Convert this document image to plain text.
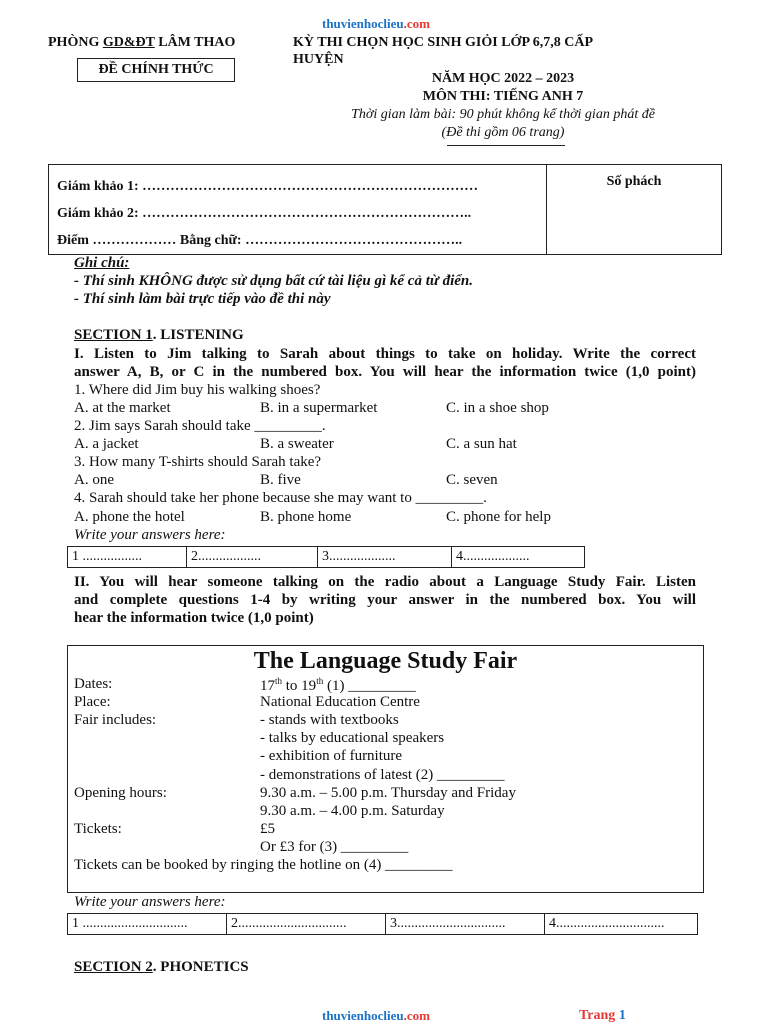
thuvienhoclieu.com
PHÒNG GD&ĐT LÂM THAO
ĐỀ CHÍNH THỨC
KỲ THI CHỌN HỌC SINH GIỎI LỚP 6,7,8 CẤP
HUYỆN
NĂM HỌC 2022 – 2023
MÔN THI: TIẾNG ANH 7
Thời gian làm bài: 90 phút không kể thời gian phát đề
(Đề thi gồm 06 trang)
Giám khảo 1: ………………………………………………………………
Giám khảo 2: ……………………………………………………………..
Điểm ……………… Bằng chữ: ………………………………………..
	Số phách
Ghi chú:
- Thí sinh KHÔNG được sử dụng bất cứ tài liệu gì kể cả từ điển.
- Thí sinh làm bài trực tiếp vào đề thi này
SECTION 1. LISTENING
I. Listen to Jim talking to Sarah about things to take on holiday. Write the correct
answer A, B, or C in the numbered box. You will hear the information twice (1,0 point)
1. Where did Jim buy his walking shoes?
A. at the market	B. in a supermarket	C. in a shoe shop
2. Jim says Sarah should take _________.
A. a jacket	B. a sweater	C. a sun hat
3. How many T-shirts should Sarah take?
A. one	B. five	C. seven
4. Sarah should take her phone because she may want to _________.
A. phone the hotel	B. phone home	C. phone for help
Write your answers here:
1 .................	2..................	3...................	4...................
II. You will hear someone talking on the radio about a Language Study Fair. Listen
and complete questions 1-4 by writing your answer in the numbered box. You will
hear the information twice (1,0 point)
The Language Study Fair
Dates:	17th to 19th (1) _________
Place:	National Education Centre
Fair includes:	- stands with textbooks
- talks by educational speakers
- exhibition of furniture
- demonstrations of latest (2) _________
Opening hours:	9.30 a.m. – 5.00 p.m. Thursday and Friday
9.30 a.m. – 4.00 p.m. Saturday
Tickets:	£5
Or £3 for (3) _________
Tickets can be booked by ringing the hotline on (4) _________
Write your answers here:
1 ..............................	2...............................	3...............................	4...............................
SECTION 2. PHONETICS
thuvienhoclieu.com	Trang 1
